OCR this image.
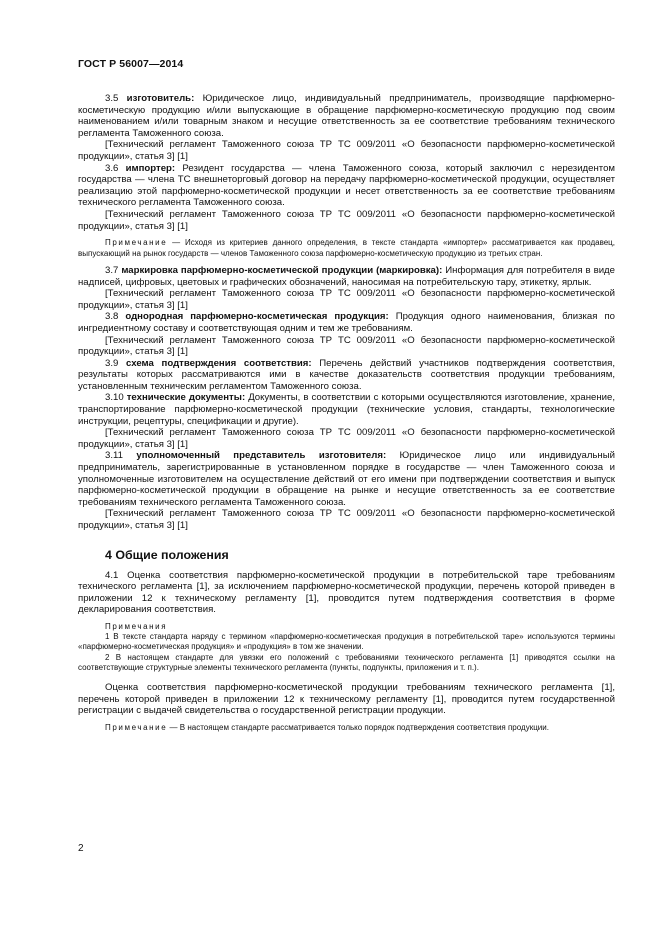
ГОСТ Р 56007—2014

3.5 изготовитель: Юридическое лицо, индивидуальный предприниматель, производящие парфюмерно-косметическую продукцию и/или выпускающие в обращение парфюмерно-косметическую продукцию под своим наименованием и/или товарным знаком и несущие ответственность за ее соответствие требованиям технического регламента Таможенного союза.

[Технический регламент Таможенного союза ТР ТС 009/2011 «О безопасности парфюмерно-косметической продукции», статья 3] [1]

3.6 импортер: Резидент государства — члена Таможенного союза, который заключил с нерезидентом государства — члена ТС внешнеторговый договор на передачу парфюмерно-косметической продукции, осуществляет реализацию этой парфюмерно-косметической продукции и несет ответственность за ее соответствие требованиям технического регламента Таможенного союза.

[Технический регламент Таможенного союза ТР ТС 009/2011 «О безопасности парфюмерно-косметической продукции», статья 3] [1]

Примечание — Исходя из критериев данного определения, в тексте стандарта «импортер» рассматривается как продавец, выпускающий на рынок государств — членов Таможенного союза парфюмерно-косметическую продукцию из третьих стран.

3.7 маркировка парфюмерно-косметической продукции (маркировка): Информация для потребителя в виде надписей, цифровых, цветовых и графических обозначений, наносимая на потребительскую тару, этикетку, ярлык.

[Технический регламент Таможенного союза ТР ТС 009/2011 «О безопасности парфюмерно-косметической продукции», статья 3] [1]

3.8 однородная парфюмерно-косметическая продукция: Продукция одного наименования, близкая по ингредиентному составу и соответствующая одним и тем же требованиям.

[Технический регламент Таможенного союза ТР ТС 009/2011 «О безопасности парфюмерно-косметической продукции», статья 3] [1]

3.9 схема подтверждения соответствия: Перечень действий участников подтверждения соответствия, результаты которых рассматриваются ими в качестве доказательств соответствия продукции требованиям, установленным техническим регламентом Таможенного союза.

3.10 технические документы: Документы, в соответствии с которыми осуществляются изготовление, хранение, транспортирование парфюмерно-косметической продукции (технические условия, стандарты, технологические инструкции, рецептуры, спецификации и другие).

[Технический регламент Таможенного союза ТР ТС 009/2011 «О безопасности парфюмерно-косметической продукции», статья 3] [1]

3.11 уполномоченный представитель изготовителя: Юридическое лицо или индивидуальный предприниматель, зарегистрированные в установленном порядке в государстве — член Таможенного союза и уполномоченные изготовителем на осуществление действий от его имени при подтверждении соответствия и выпуск парфюмерно-косметической продукции в обращение на рынке и несущие ответственность за ее соответствие требованиям технического регламента Таможенного союза.

[Технический регламент Таможенного союза ТР ТС 009/2011 «О безопасности парфюмерно-косметической продукции», статья 3] [1]

4 Общие положения

4.1 Оценка соответствия парфюмерно-косметической продукции в потребительской таре требованиям технического регламента [1], за исключением парфюмерно-косметической продукции, перечень которой приведен в приложении 12 к техническому регламенту [1], проводится путем подтверждения соответствия в форме декларирования соответствия.

Примечания

1 В тексте стандарта наряду с термином «парфюмерно-косметическая продукция в потребительской таре» используются термины «парфюмерно-косметическая продукция» и «продукция» в том же значении.

2 В настоящем стандарте для увязки его положений с требованиями технического регламента [1] приводятся ссылки на соответствующие структурные элементы технического регламента (пункты, подпункты, приложения и т. п.).

Оценка соответствия парфюмерно-косметической продукции требованиям технического регламента [1], перечень которой приведен в приложении 12 к техническому регламенту [1], проводится путем государственной регистрации с выдачей свидетельства о государственной регистрации продукции.

Примечание — В настоящем стандарте рассматривается только порядок подтверждения соответствия продукции.

2
